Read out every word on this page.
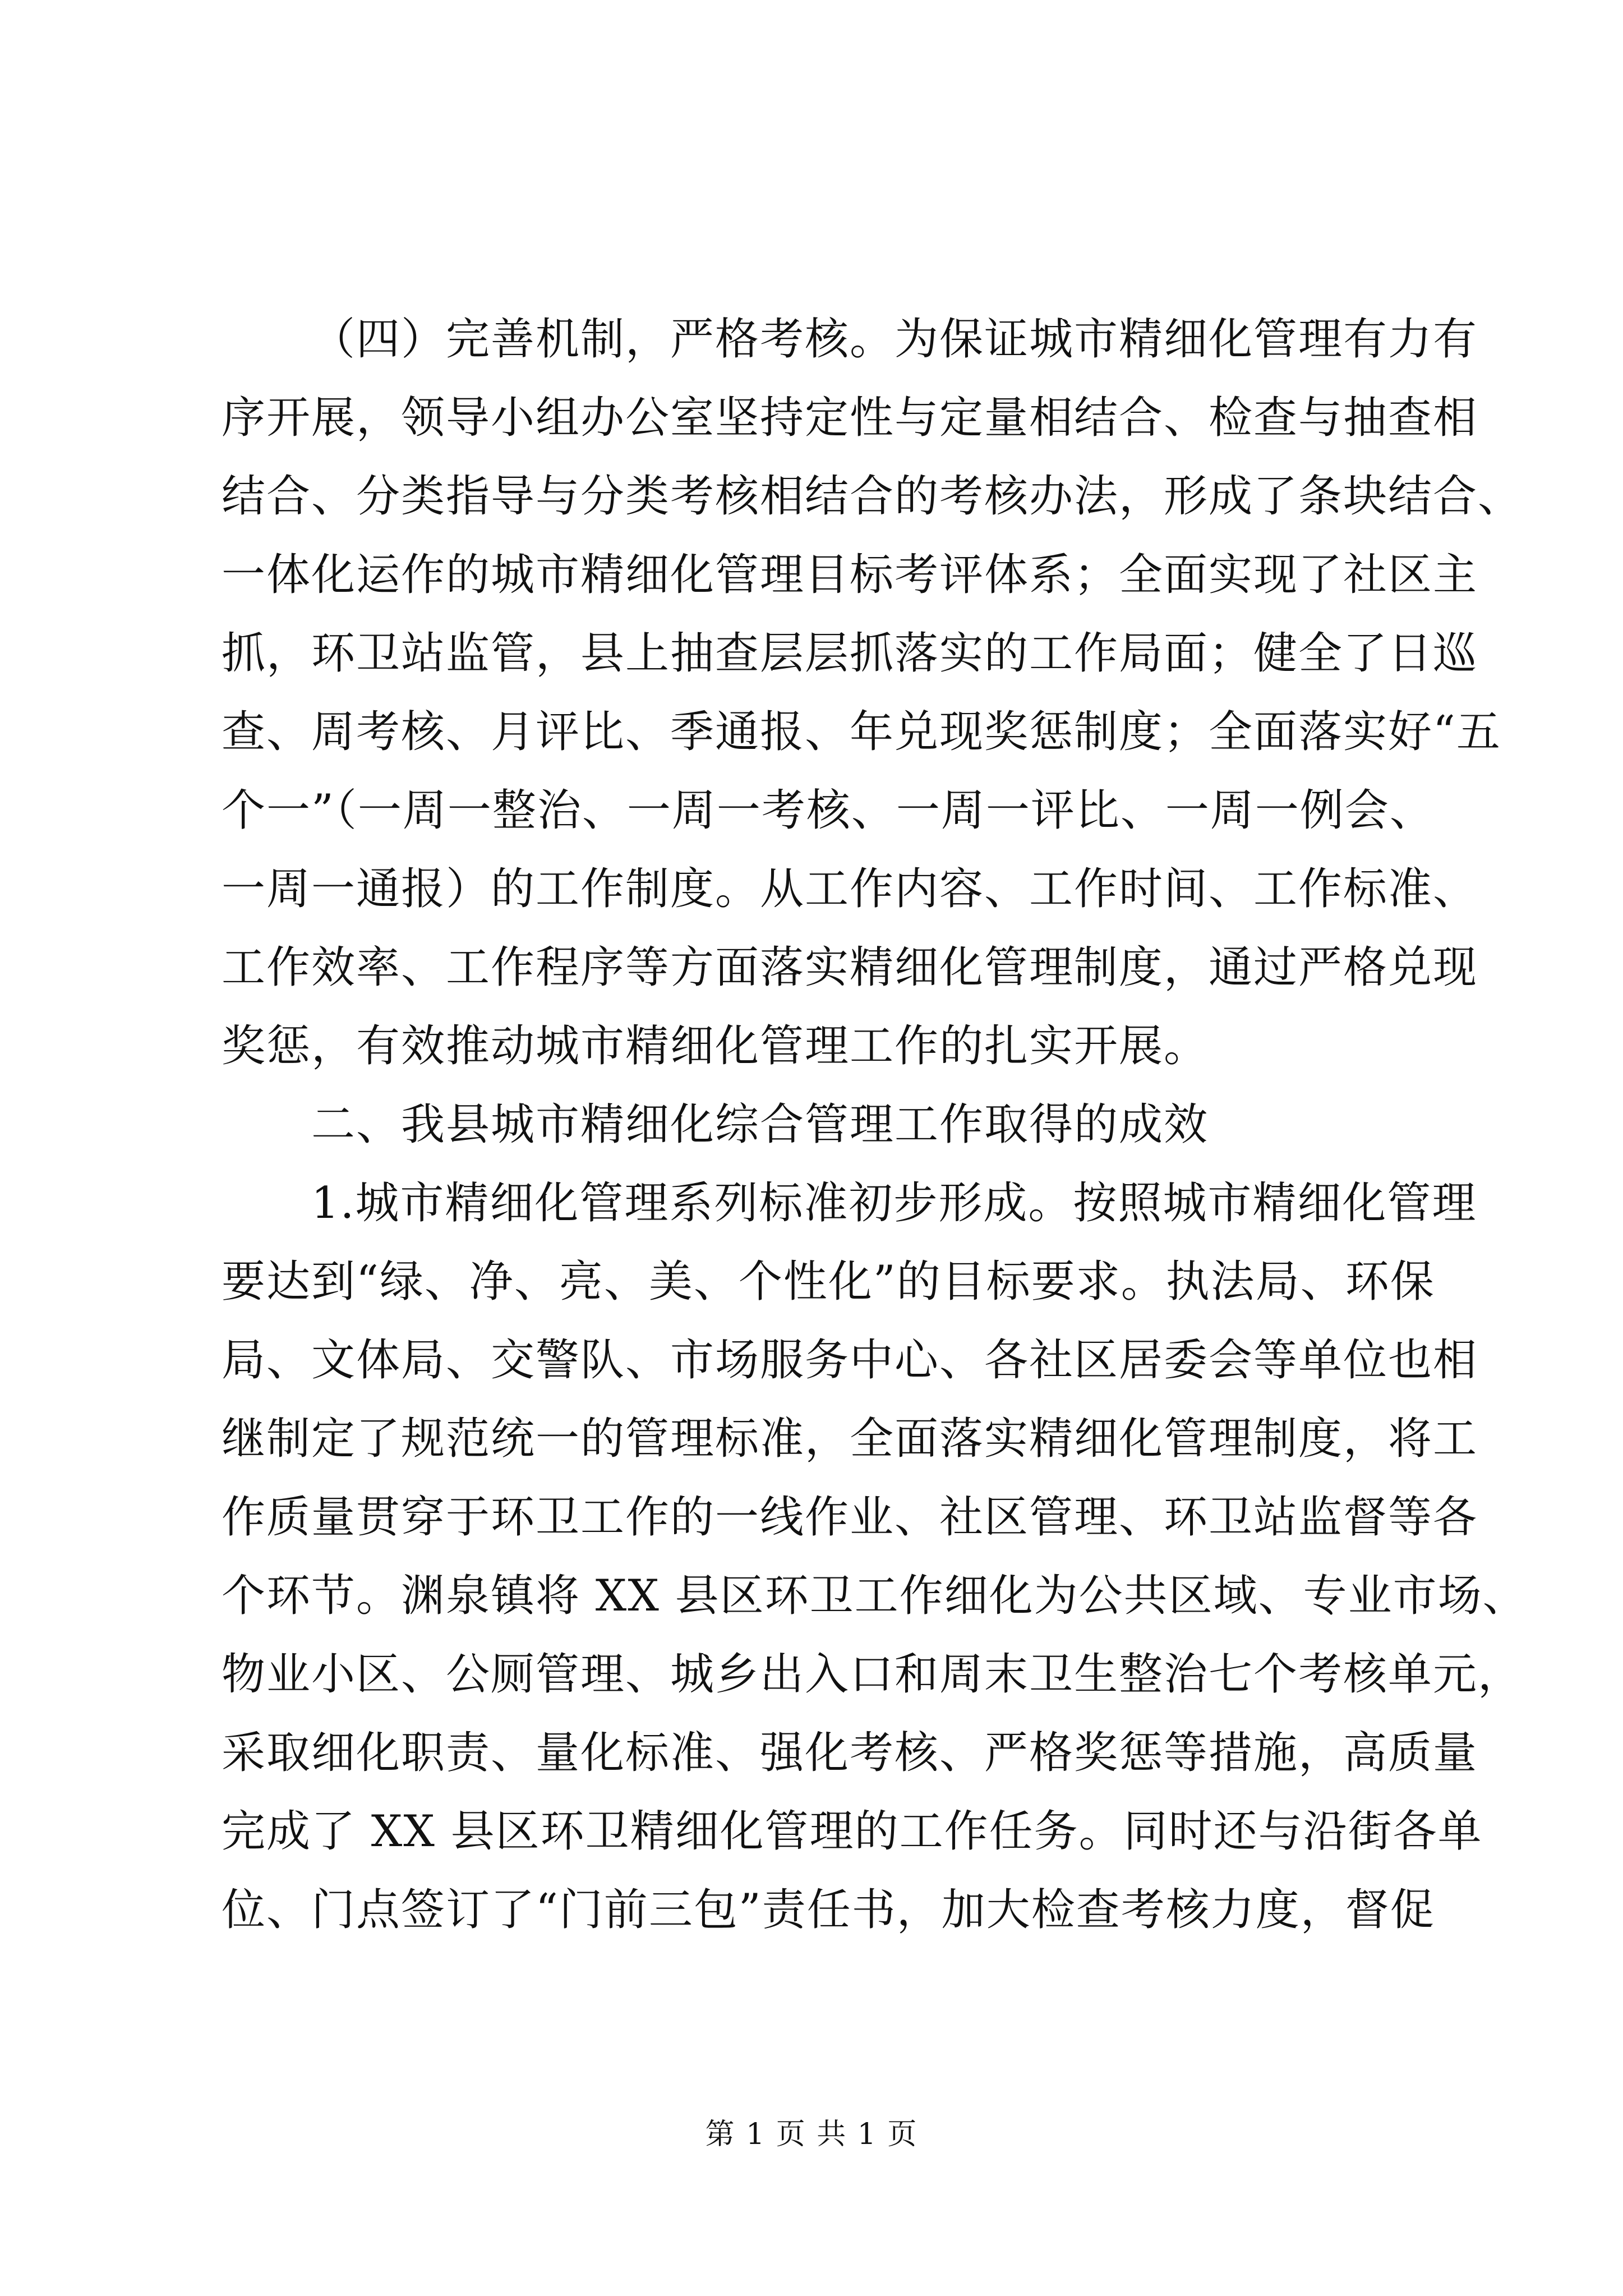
（四）完善机制，严格考核。为保证城市精细化管理有力有
序开展，领导小组办公室坚持定性与定量相结合、检查与抽查相
结合、分类指导与分类考核相结合的考核办法，形成了条块结合、
一体化运作的城市精细化管理目标考评体系；全面实现了社区主
抓，环卫站监管，县上抽查层层抓落实的工作局面；健全了日巡
查、周考核、月评比、季通报、年兑现奖惩制度；全面落实好“五
个一”（一周一整治、一周一考核、一周一评比、一周一例会、
一周一通报）的工作制度。从工作内容、工作时间、工作标准、
工作效率、工作程序等方面落实精细化管理制度，通过严格兑现
奖惩，有效推动城市精细化管理工作的扎实开展。
二、我县城市精细化综合管理工作取得的成效
1.城市精细化管理系列标准初步形成。按照城市精细化管理
要达到“绿、净、亮、美、个性化”的目标要求。执法局、环保
局、文体局、交警队、市场服务中心、各社区居委会等单位也相
继制定了规范统一的管理标准，全面落实精细化管理制度，将工
作质量贯穿于环卫工作的一线作业、社区管理、环卫站监督等各
个环节。渊泉镇将 XX 县区环卫工作细化为公共区域、专业市场、
物业小区、公厕管理、城乡出入口和周末卫生整治七个考核单元，
采取细化职责、量化标准、强化考核、严格奖惩等措施，高质量
完成了 XX 县区环卫精细化管理的工作任务。同时还与沿街各单
位、门点签订了“门前三包”责任书，加大检查考核力度，督促
第 1 页 共 1 页
